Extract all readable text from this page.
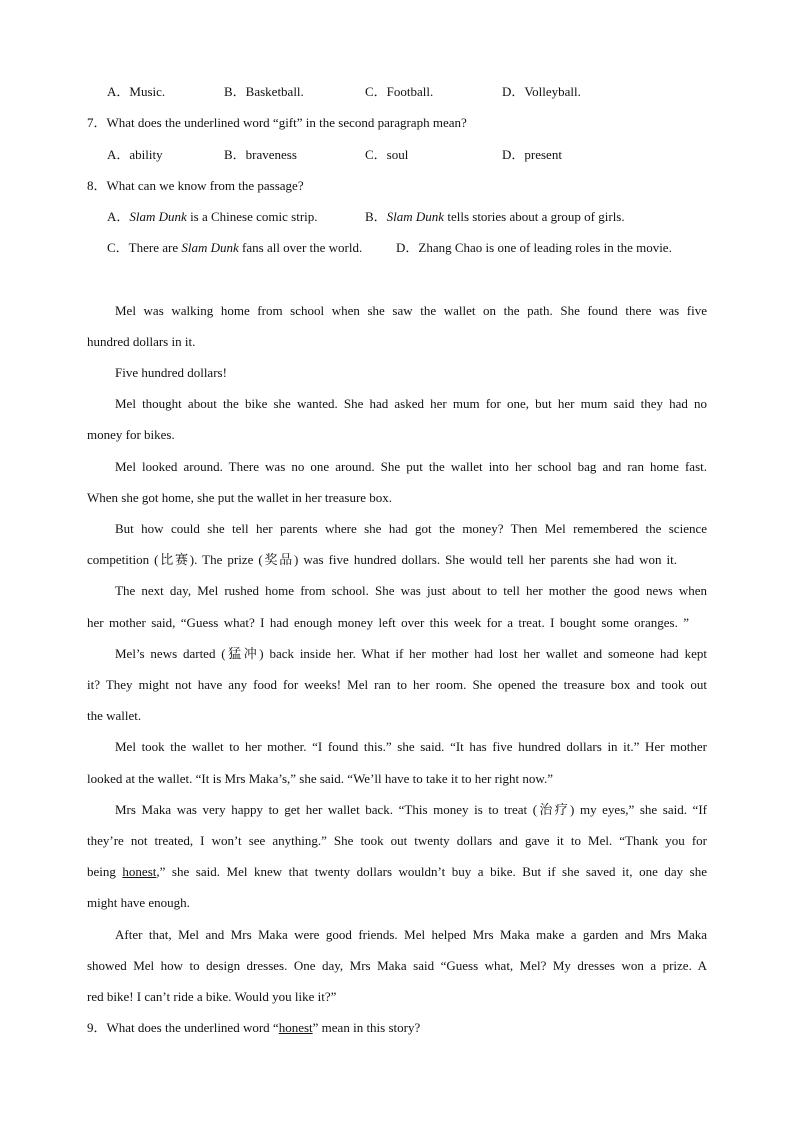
A．Music.	B．Basketball.	C．Football.	D．Volleyball.
7．What does the underlined word “gift” in the second paragraph mean?
A．ability	B．braveness	C．soul	D．present
8．What can we know from the passage?
A．Slam Dunk is a Chinese comic strip.	B．Slam Dunk tells stories about a group of girls.
C．There are Slam Dunk fans all over the world.	D．Zhang Chao is one of leading roles in the movie.
Mel was walking home from school when she saw the wallet on the path. She found there was five
hundred dollars in it.
Five hundred dollars!
Mel thought about the bike she wanted. She had asked her mum for one, but her mum said they had no
money for bikes.
Mel looked around. There was no one around. She put the wallet into her school bag and ran home fast.
When she got home, she put the wallet in her treasure box.
But how could she tell her parents where she had got the money? Then Mel remembered the science
competition (比赛). The prize (奖品) was five hundred dollars. She would tell her parents she had won it.
The next day, Mel rushed home from school. She was just about to tell her mother the good news when
her mother said, “Guess what? I had enough money left over this week for a treat. I bought some oranges. ”
Mel’s news darted (猛冲) back inside her. What if her mother had lost her wallet and someone had kept
it? They might not have any food for weeks! Mel ran to her room. She opened the treasure box and took out
the wallet.
Mel took the wallet to her mother. “I found this.” she said. “It has five hundred dollars in it.” Her mother
looked at the wallet. “It is Mrs Maka’s,” she said. “We’ll have to take it to her right now.”
Mrs Maka was very happy to get her wallet back. “This money is to treat (治疗) my eyes,” she said. “If
they’re not treated, I won’t see anything.” She took out twenty dollars and gave it to Mel. “Thank you for
being honest,” she said. Mel knew that twenty dollars wouldn’t buy a bike. But if she saved it, one day she
might have enough.
After that, Mel and Mrs Maka were good friends. Mel helped Mrs Maka make a garden and Mrs Maka
showed Mel how to design dresses. One day, Mrs Maka said “Guess what, Mel? My dresses won a prize. A
red bike! I can’t ride a bike. Would you like it?”
9．What does the underlined word “honest” mean in this story?
